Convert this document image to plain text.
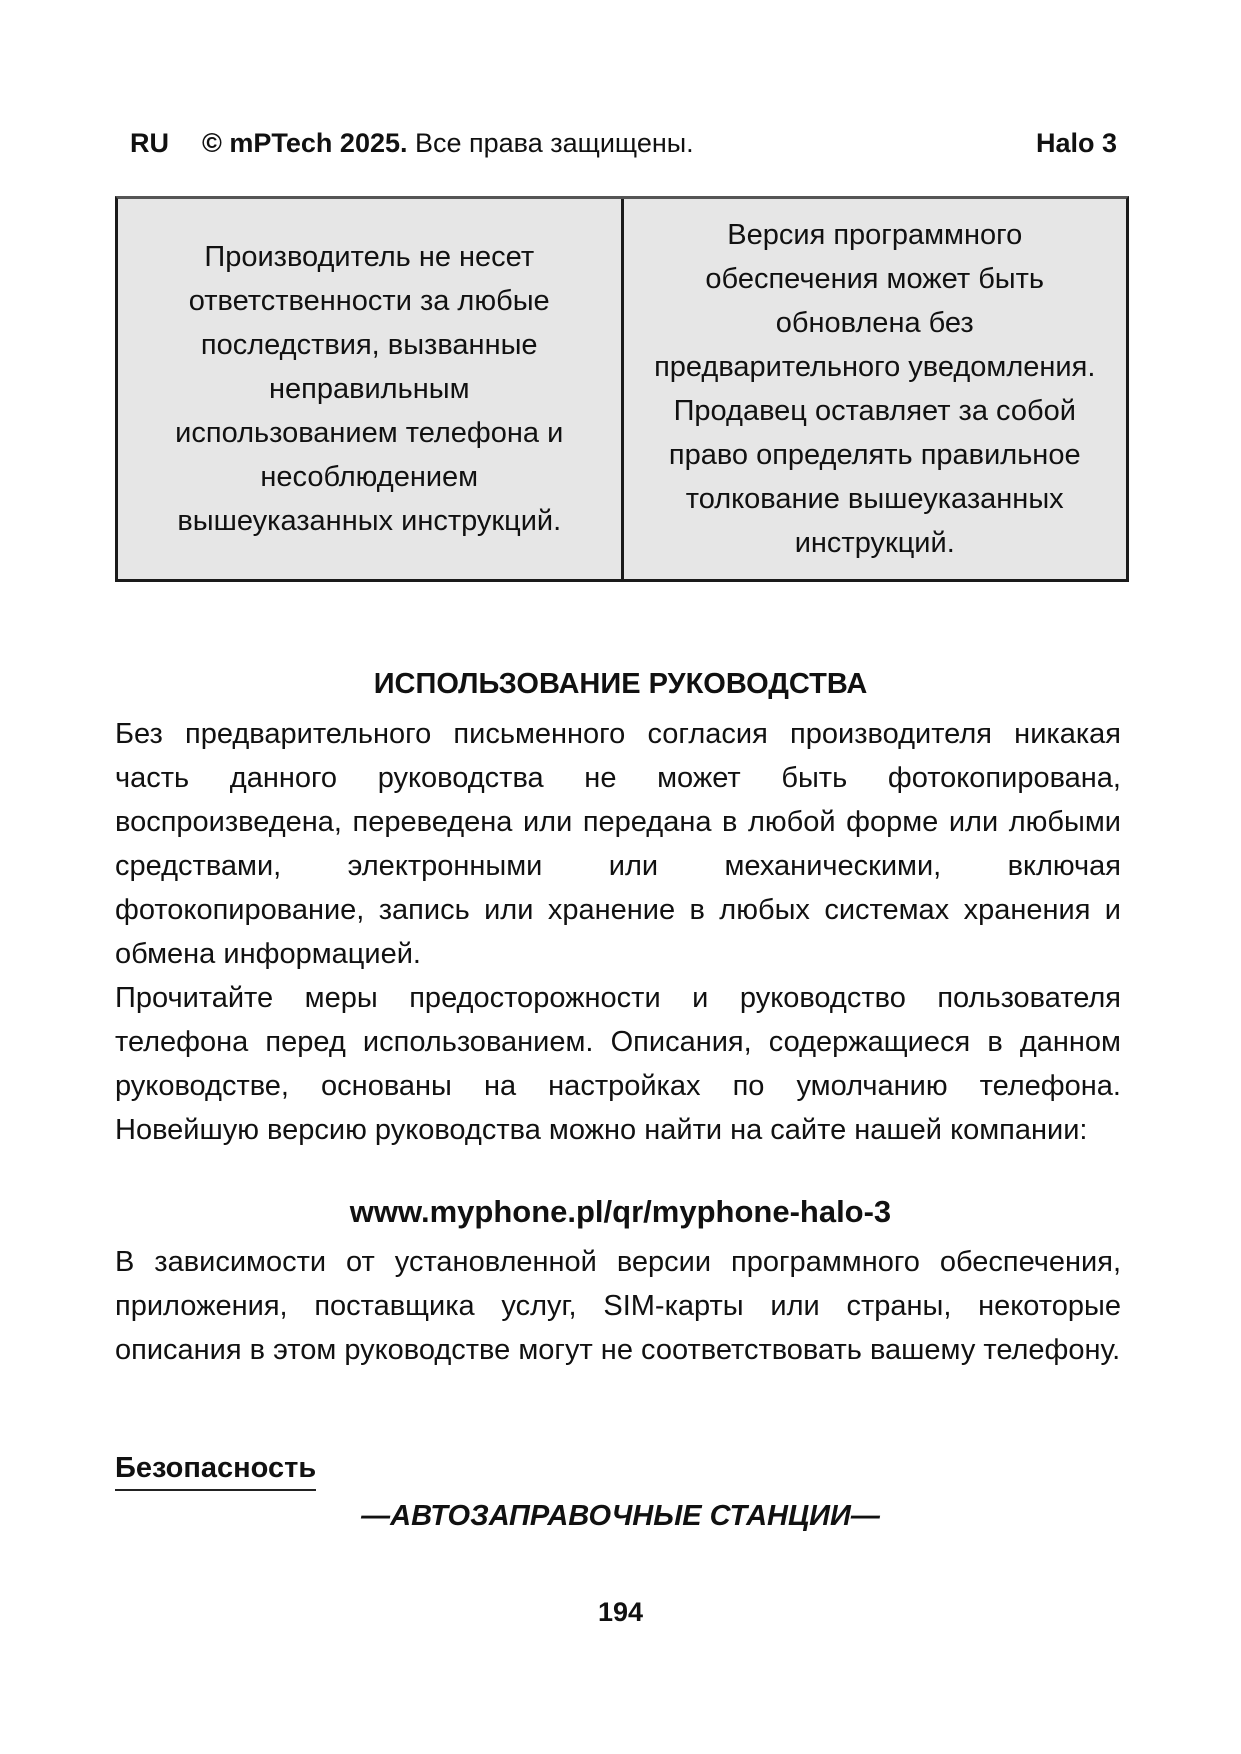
RU © mPTech 2025. Все права защищены.	Halo 3
Производитель не несет
ответственности за любые
последствия, вызванные
неправильным
использованием телефона и
несоблюдением
вышеуказанных инструкций.
Версия программного
обеспечения может быть
обновлена без
предварительного уведомления.
Продавец оставляет за собой
право определять правильное
толкование вышеуказанных
инструкций.
ИСПОЛЬЗОВАНИЕ РУКОВОДСТВА
Без предварительного письменного согласия производителя никакая часть данного руководства не может быть фотокопирована, воспроизведена, переведена или передана в любой форме или любыми средствами, электронными или механическими, включая фотокопирование, запись или хранение в любых системах хранения и обмена информацией.
Прочитайте меры предосторожности и руководство пользователя телефона перед использованием. Описания, содержащиеся в данном руководстве, основаны на настройках по умолчанию телефона. Новейшую версию руководства можно найти на сайте нашей компании:
www.myphone.pl/qr/myphone-halo-3
В зависимости от установленной версии программного обеспечения, приложения, поставщика услуг, SIM-карты или страны, некоторые описания в этом руководстве могут не соответствовать вашему телефону.
Безопасность
—АВТОЗАПРАВОЧНЫЕ СТАНЦИИ—
194
